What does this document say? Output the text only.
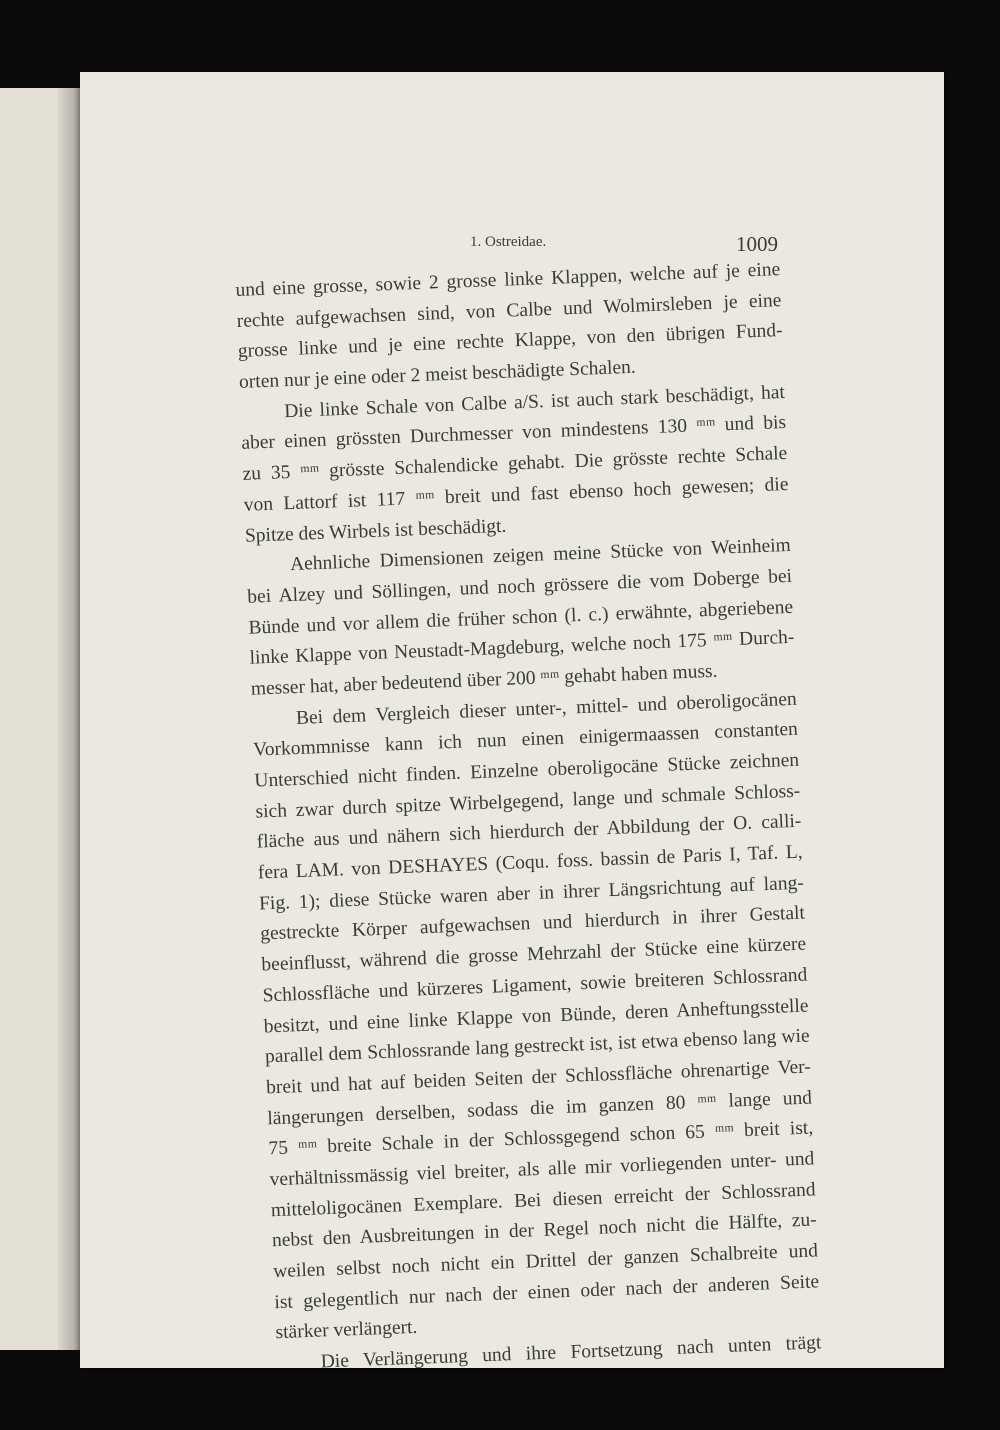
1. Ostreidae.	1009
und eine grosse, sowie 2 grosse linke Klappen, welche auf je eine
rechte aufgewachsen sind, von Calbe und Wolmirsleben je eine
grosse linke und je eine rechte Klappe, von den übrigen Fund-
orten nur je eine oder 2 meist beschädigte Schalen.
Die linke Schale von Calbe a/S. ist auch stark beschädigt, hat
aber einen grössten Durchmesser von mindestens 130 ᵐᵐ und bis
zu 35 ᵐᵐ grösste Schalendicke gehabt. Die grösste rechte Schale
von Lattorf ist 117 ᵐᵐ breit und fast ebenso hoch gewesen; die
Spitze des Wirbels ist beschädigt.
Aehnliche Dimensionen zeigen meine Stücke von Weinheim
bei Alzey und Söllingen, und noch grössere die vom Doberge bei
Bünde und vor allem die früher schon (l. c.) erwähnte, abgeriebene
linke Klappe von Neustadt-Magdeburg, welche noch 175 ᵐᵐ Durch-
messer hat, aber bedeutend über 200 ᵐᵐ gehabt haben muss.
Bei dem Vergleich dieser unter-, mittel- und oberoligocänen
Vorkommnisse kann ich nun einen einigermaassen constanten
Unterschied nicht finden. Einzelne oberoligocäne Stücke zeichnen
sich zwar durch spitze Wirbelgegend, lange und schmale Schloss-
fläche aus und nähern sich hierdurch der Abbildung der O. calli-
fera LAM. von DESHAYES (Coqu. foss. bassin de Paris I, Taf. L,
Fig. 1); diese Stücke waren aber in ihrer Längsrichtung auf lang-
gestreckte Körper aufgewachsen und hierdurch in ihrer Gestalt
beeinflusst, während die grosse Mehrzahl der Stücke eine kürzere
Schlossfläche und kürzeres Ligament, sowie breiteren Schlossrand
besitzt, und eine linke Klappe von Bünde, deren Anheftungsstelle
parallel dem Schlossrande lang gestreckt ist, ist etwa ebenso lang wie
breit und hat auf beiden Seiten der Schlossfläche ohrenartige Ver-
längerungen derselben, sodass die im ganzen 80 ᵐᵐ lange und
75 ᵐᵐ breite Schale in der Schlossgegend schon 65 ᵐᵐ breit ist,
verhältnissmässig viel breiter, als alle mir vorliegenden unter- und
mitteloligocänen Exemplare. Bei diesen erreicht der Schlossrand
nebst den Ausbreitungen in der Regel noch nicht die Hälfte, zu-
weilen selbst noch nicht ein Drittel der ganzen Schalbreite und
ist gelegentlich nur nach der einen oder nach der anderen Seite
stärker verlängert.
Die Verlängerung und ihre Fortsetzung nach unten trägt
